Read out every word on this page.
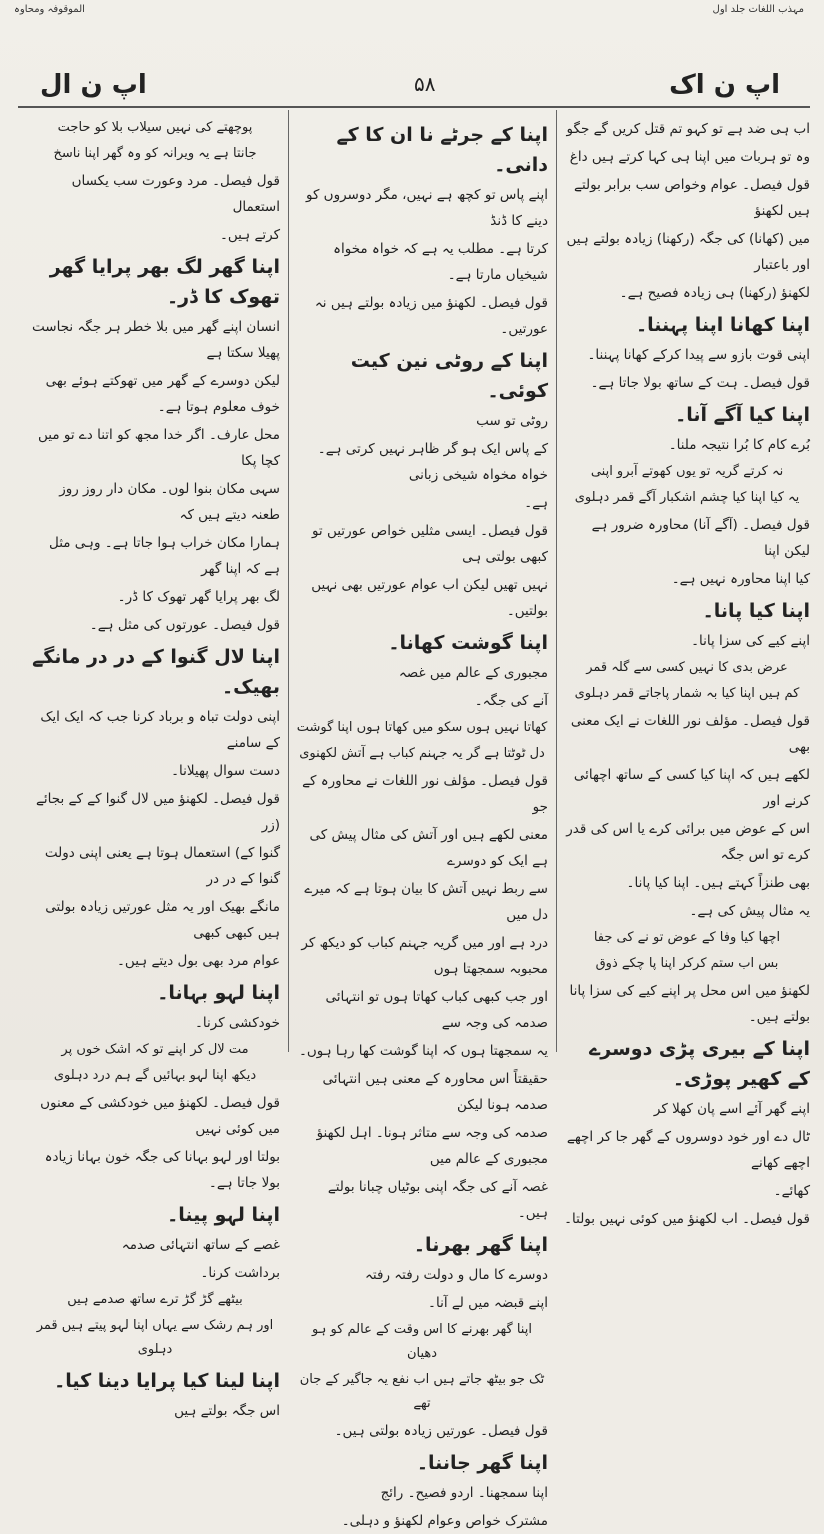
الموقوفہ ومحاوہ	مہذب اللغات جلد اول
اپ ن ال	۵۸	اپ ن اک

پوچھتے کی نہیں سیلاب بلا کو حاجت

جانتا ہے یہ ویرانہ کو وہ گھر اپنا ناسخ

قول فیصل۔ مرد وعورت سب یکساں استعمال

کرتے ہیں۔

اپنا گھر لگ بھر پرایا گھر تھوک کا ڈر۔

انسان اپنے گھر میں بلا خطر ہر جگہ نجاست پھیلا سکتا ہے

لیکن دوسرے کے گھر میں تھوکتے ہوئے بھی خوف معلوم ہوتا ہے۔

محل عارف۔ اگر خدا مجھ کو اتنا دے تو میں کچا پکا

سہی مکان بنوا لوں۔ مکان دار روز روز طعنہ دیتے ہیں کہ

ہمارا مکان خراب ہوا جاتا ہے۔ وہی مثل ہے کہ اپنا گھر

لگ بھر پرایا گھر تھوک کا ڈر۔

قول فیصل۔ عورتوں کی مثل ہے۔

اپنا لال گنوا کے در در مانگے بھیک۔

اپنی دولت تباہ و برباد کرنا جب کہ ایک ایک کے سامنے

دست سوال پھیلانا۔

قول فیصل۔ لکھنؤ میں لال گنوا کے کے بجائے (زر

گنوا کے) استعمال ہوتا ہے یعنی اپنی دولت گنوا کے در در

مانگے بھیک اور یہ مثل عورتیں زیادہ بولتی ہیں کبھی کبھی

عوام مرد بھی بول دیتے ہیں۔

اپنا لہو بہانا۔

خودکشی کرنا۔

مت لال کر اپنے تو کہ اشک خوں پر

دیکھ اپنا لہو بہائیں گے ہم درد دہلوی

قول فیصل۔ لکھنؤ میں خودکشی کے معنوں میں کوئی نہیں

بولتا اور لہو بہانا کی جگہ خون بہانا زیادہ بولا جاتا ہے۔

اپنا لہو پینا۔

غصے کے ساتھ انتہائی صدمہ

برداشت کرنا۔

بیٹھے گڑ گڑ ترے ساتھ صدمے ہیں

اور ہم رشک سے یہاں اپنا لہو پیتے ہیں قمر دہلوی

اپنا لینا کیا پرایا دینا کیا۔

اس جگہ بولتے ہیں

اپنا کے جرٹے نا ان کا کے دانی۔

اپنے پاس تو کچھ ہے نہیں، مگر دوسروں کو دینے کا ڈنڈ

کرتا ہے۔ مطلب یہ ہے کہ خواہ مخواہ شیخیاں مارتا ہے۔

قول فیصل۔ لکھنؤ میں زیادہ بولتے ہیں نہ عورتیں۔

اپنا کے روٹی نین کیت کوئی۔

روٹی تو سب

کے پاس ایک ہو گر ظاہر نہیں کرتی ہے۔ خواہ مخواہ شیخی زبانی

ہے۔

قول فیصل۔ ایسی مثلیں خواص عورتیں تو کبھی بولتی ہی

نہیں تھیں لیکن اب عوام عورتیں بھی نہیں بولتیں۔

اپنا گوشت کھانا۔

مجبوری کے عالم میں غصہ

آنے کی جگہ۔

کھاتا نہیں ہوں سکو میں کھاتا ہوں اپنا گوشت

دل ٹوٹتا ہے گر یہ جہنم کباب ہے آتش لکھنوی

قول فیصل۔ مؤلف نور اللغات نے محاورہ کے جو

معنی لکھے ہیں اور آتش کی مثال پیش کی ہے ایک کو دوسرے

سے ربط نہیں آتش کا بیان ہوتا ہے کہ میرے دل میں

درد ہے اور میں گریہ جہنم کباب کو دیکھ کر محبوبہ سمجھتا ہوں

اور جب کبھی کباب کھاتا ہوں تو انتہائی صدمہ کی وجہ سے

یہ سمجھتا ہوں کہ اپنا گوشت کھا رہا ہوں۔

حقیقتاً اس محاورہ کے معنی ہیں انتہائی صدمہ ہونا لیکن

صدمہ کی وجہ سے متاثر ہونا۔ اہل لکھنؤ مجبوری کے عالم میں

غصہ آنے کی جگہ اپنی بوٹیاں چبانا بولتے ہیں۔

اپنا گھر بھرنا۔

دوسرے کا مال و دولت رفتہ رفتہ

اپنے قبضہ میں لے آنا۔

اپنا گھر بھرنے کا اس وقت کے عالم کو ہو دھیان

ٹک جو بیٹھ جاتے ہیں اب نفع یہ جاگیر کے جان تھے

قول فیصل۔ عورتیں زیادہ بولتی ہیں۔

اپنا گھر جاننا۔

اپنا سمجھنا۔ اردو فصیح۔ رائج

مشترک خواص وعوام لکھنؤ و دہلی۔

اب ہی ضد ہے تو کہو تم قتل کریں گے جگو

وہ تو ہربات میں اپنا ہی کہا کرتے ہیں داغ

قول فیصل۔ عوام وخواص سب برابر بولتے ہیں لکھنؤ

میں (کھانا) کی جگہ (رکھنا) زیادہ بولتے ہیں اور باعتبار

لکھنؤ (رکھنا) ہی زیادہ فصیح ہے۔

اپنا کھانا اپنا پہننا۔

اپنی قوت بازو سے پیدا کرکے کھانا پہننا۔

قول فیصل۔ ہت کے ساتھ بولا جاتا ہے۔

اپنا کیا آگے آنا۔

بُرے کام کا بُرا نتیجہ ملنا۔

نہ کرتے گریہ تو یوں کھوتے آبرو اپنی

یہ کیا اپنا کیا چشم اشکبار آگے قمر دہلوی

قول فیصل۔ (آگے آنا) محاورہ ضرور ہے لیکن اپنا

کیا اپنا محاورہ نہیں ہے۔

اپنا کیا پانا۔

اپنے کیے کی سزا پانا۔

عرض بدی کا نہیں کسی سے گلہ قمر

کم ہیں اپنا کیا بہ شمار پاجاتے قمر دہلوی

قول فیصل۔ مؤلف نور اللغات نے ایک معنی بھی

لکھے ہیں کہ اپنا کیا کسی کے ساتھ اچھائی کرنے اور

اس کے عوض میں برائی کرے یا اس کی قدر کرے تو اس جگہ

بھی طنزاً کہتے ہیں۔ اپنا کیا پانا۔

یہ مثال پیش کی ہے۔

اچھا کیا وفا کے عوض تو نے کی جفا

بس اب ستم کرکر اپنا پا چکے ذوق

لکھنؤ میں اس محل پر اپنے کیے کی سزا پانا بولتے ہیں۔

اپنا کے بیری پڑی دوسرے کے کھیر پوڑی۔

اپنے گھر آئے اسے پان کھلا کر

ٹال دے اور خود دوسروں کے گھر جا کر اچھے اچھے کھانے

کھائے۔

قول فیصل۔ اب لکھنؤ میں کوئی نہیں بولتا۔
